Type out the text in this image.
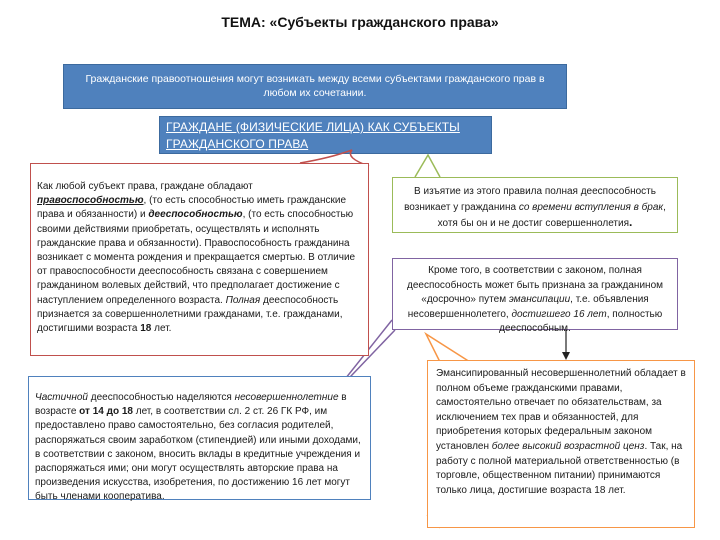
ТЕМА: «Субъекты гражданского права»
Гражданские правоотношения могут возникать между всеми субъектами гражданского прав в любом их сочетании.
ГРАЖДАНЕ (ФИЗИЧЕСКИЕ ЛИЦА) КАК СУБЪЕКТЫ ГРАЖДАНСКОГО ПРАВА
Как любой субъект права, граждане обладают правоспособностью, (то есть способностью иметь гражданские права и обязанности) и дееспособностью, (то есть способностью своими действиями приобретать, осуществлять и исполнять гражданские права и обязанности). Правоспособность гражданина возникает с момента рождения и прекращается смертью. В отличие от правоспособности дееспособность связана с совершением гражданином волевых действий, что предполагает достижение с наступлением определенного возраста. Полная дееспособность признается за совершеннолетними гражданами, т.е. гражданами, достигшими возраста 18 лет.
Частичной дееспособностью наделяются несовершеннолетние в возрасте от 14 до 18 лет, в соответствии сл. 2 ст. 26 ГК РФ, им предоставлено право самостоятельно, без согласия родителей, распоряжаться своим заработком (стипендией) или иными доходами, в соответствии с законом, вносить вклады в кредитные учреждения и распоряжаться ими; они могут осуществлять авторские права на произведения искусства, изобретения, по достижению 16 лет могут быть членами кооператива.
В изъятие из этого правила полная дееспособность возникает у гражданина со времени вступления в брак, хотя бы он и не достиг совершеннолетия.
Кроме того, в соответствии с законом, полная дееспособность может быть признана за гражданином «досрочно» путем эмансипации, т.е. объявления несовершеннолетего, достигшего 16 лет, полностью дееспособным.
Эмансипированный несовершеннолетний обладает в полном объеме гражданскими правами, самостоятельно отвечает по обязательствам, за исключением тех прав и обязанностей, для приобретения которых федеральным законом установлен более высокий возрастной ценз. Так, на работу с полной материальной ответственностью (в торговле, общественном питании) принимаются только лица, достигшие возраста 18 лет.
